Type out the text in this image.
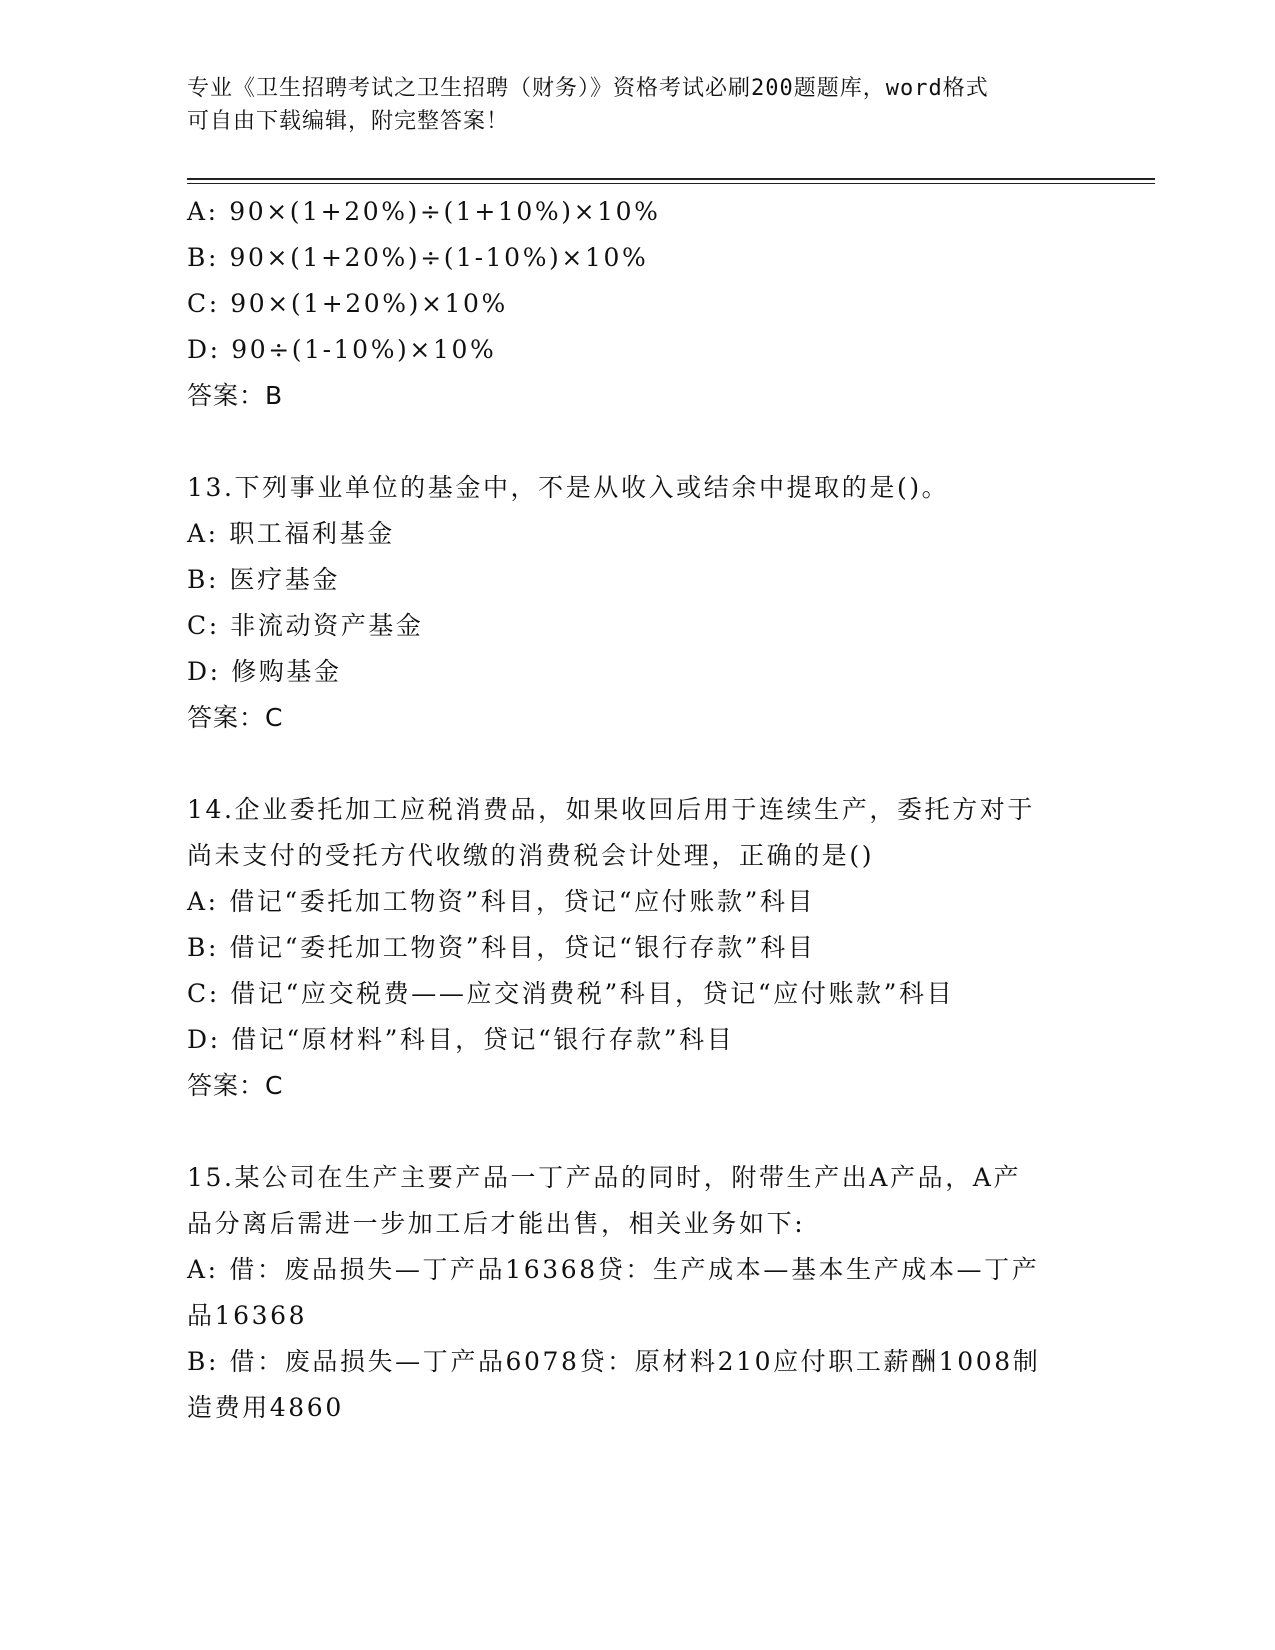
专业《卫生招聘考试之卫生招聘（财务）》资格考试必刷200题题库，word格式
可自由下载编辑，附完整答案！
A: 90×(1+20%)÷(1+10%)×10%
B: 90×(1+20%)÷(1-10%)×10%
C: 90×(1+20%)×10%
D: 90÷(1-10%)×10%
答案：B
13.下列事业单位的基金中，不是从收入或结余中提取的是()。
A: 职工福利基金
B: 医疗基金
C: 非流动资产基金
D: 修购基金
答案：C
14.企业委托加工应税消费品，如果收回后用于连续生产，委托方对于
尚未支付的受托方代收缴的消费税会计处理，正确的是()
A: 借记“委托加工物资”科目，贷记“应付账款”科目
B: 借记“委托加工物资”科目，贷记“银行存款”科目
C: 借记“应交税费——应交消费税”科目，贷记“应付账款”科目
D: 借记“原材料”科目，贷记“银行存款”科目
答案：C
15.某公司在生产主要产品一丁产品的同时，附带生产出A产品，A产
品分离后需进一步加工后才能出售，相关业务如下:
A: 借：废品损失—丁产品16368贷：生产成本—基本生产成本—丁产
品16368
B: 借：废品损失—丁产品6078贷：原材料210应付职工薪酬1008制
造费用4860
